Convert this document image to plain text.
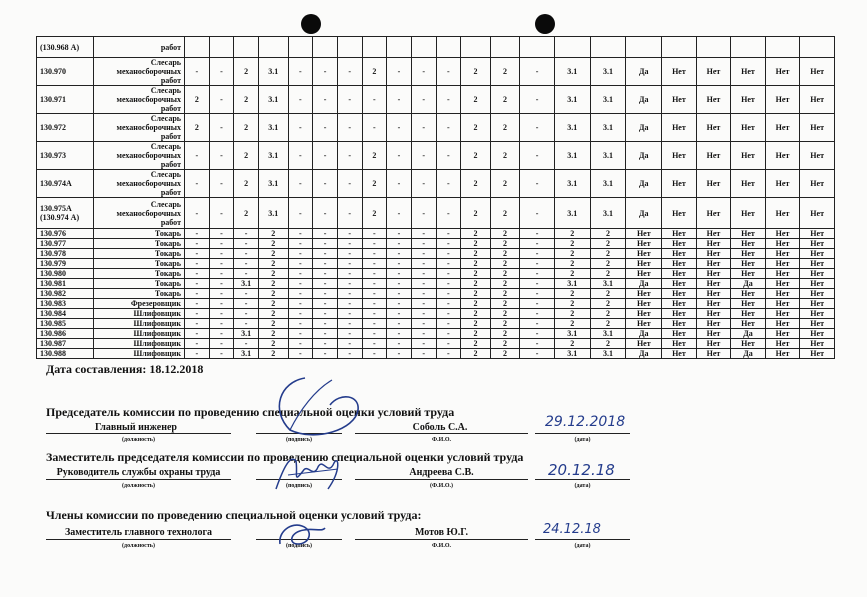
(130.968 А)	работ																						
130.970	Слесарь механосборочных работ	-	-	2	3.1	-	-	-	2	-	-	-	2	2	-	3.1	3.1	Да	Нет	Нет	Нет	Нет	Нет
130.971	Слесарь механосборочных работ	2	-	2	3.1	-	-	-	-	-	-	-	2	2	-	3.1	3.1	Да	Нет	Нет	Нет	Нет	Нет
130.972	Слесарь механосборочных работ	2	-	2	3.1	-	-	-	-	-	-	-	2	2	-	3.1	3.1	Да	Нет	Нет	Нет	Нет	Нет
130.973	Слесарь механосборочных работ	-	-	2	3.1	-	-	-	2	-	-	-	2	2	-	3.1	3.1	Да	Нет	Нет	Нет	Нет	Нет
130.974А	Слесарь механосборочных работ	-	-	2	3.1	-	-	-	2	-	-	-	2	2	-	3.1	3.1	Да	Нет	Нет	Нет	Нет	Нет
130.975А (130.974 А)	Слесарь механосборочных работ	-	-	2	3.1	-	-	-	2	-	-	-	2	2	-	3.1	3.1	Да	Нет	Нет	Нет	Нет	Нет
130.976	Токарь	-	-	-	2	-	-	-	-	-	-	-	2	2	-	2	2	Нет	Нет	Нет	Нет	Нет	Нет
130.977	Токарь	-	-	-	2	-	-	-	-	-	-	-	2	2	-	2	2	Нет	Нет	Нет	Нет	Нет	Нет
130.978	Токарь	-	-	-	2	-	-	-	-	-	-	-	2	2	-	2	2	Нет	Нет	Нет	Нет	Нет	Нет
130.979	Токарь	-	-	-	2	-	-	-	-	-	-	-	2	2	-	2	2	Нет	Нет	Нет	Нет	Нет	Нет
130.980	Токарь	-	-	-	2	-	-	-	-	-	-	-	2	2	-	2	2	Нет	Нет	Нет	Нет	Нет	Нет
130.981	Токарь	-	-	3.1	2	-	-	-	-	-	-	-	2	2	-	3.1	3.1	Да	Нет	Нет	Да	Нет	Нет
130.982	Токарь	-	-	-	2	-	-	-	-	-	-	-	2	2	-	2	2	Нет	Нет	Нет	Нет	Нет	Нет
130.983	Фрезеровщик	-	-	-	2	-	-	-	-	-	-	-	2	2	-	2	2	Нет	Нет	Нет	Нет	Нет	Нет
130.984	Шлифовщик	-	-	-	2	-	-	-	-	-	-	-	2	2	-	2	2	Нет	Нет	Нет	Нет	Нет	Нет
130.985	Шлифовщик	-	-	-	2	-	-	-	-	-	-	-	2	2	-	2	2	Нет	Нет	Нет	Нет	Нет	Нет
130.986	Шлифовщик	-	-	3.1	2	-	-	-	-	-	-	-	2	2	-	3.1	3.1	Да	Нет	Нет	Да	Нет	Нет
130.987	Шлифовщик	-	-	-	2	-	-	-	-	-	-	-	2	2	-	2	2	Нет	Нет	Нет	Нет	Нет	Нет
130.988	Шлифовщик	-	-	3.1	2	-	-	-	-	-	-	-	2	2	-	3.1	3.1	Да	Нет	Нет	Да	Нет	Нет
Дата составления: 18.12.2018
Председатель комиссии по проведению специальной оценки условий труда
Главный инженер	Соболь С.А.
(должность)	(подпись)	Ф.И.О.	(дата)
29.12.2018
Заместитель председателя комиссии по проведению специальной оценки условий труда
Руководитель службы охраны труда	Андреева С.В.
(должность)	(подпись)	(Ф.И.О.)	(дата)
20.12.18
Члены комиссии по проведению специальной оценки условий труда:
Заместитель главного технолога	Мотов Ю.Г.
(должность)	(подпись)	Ф.И.О.	(дата)
24.12.18
